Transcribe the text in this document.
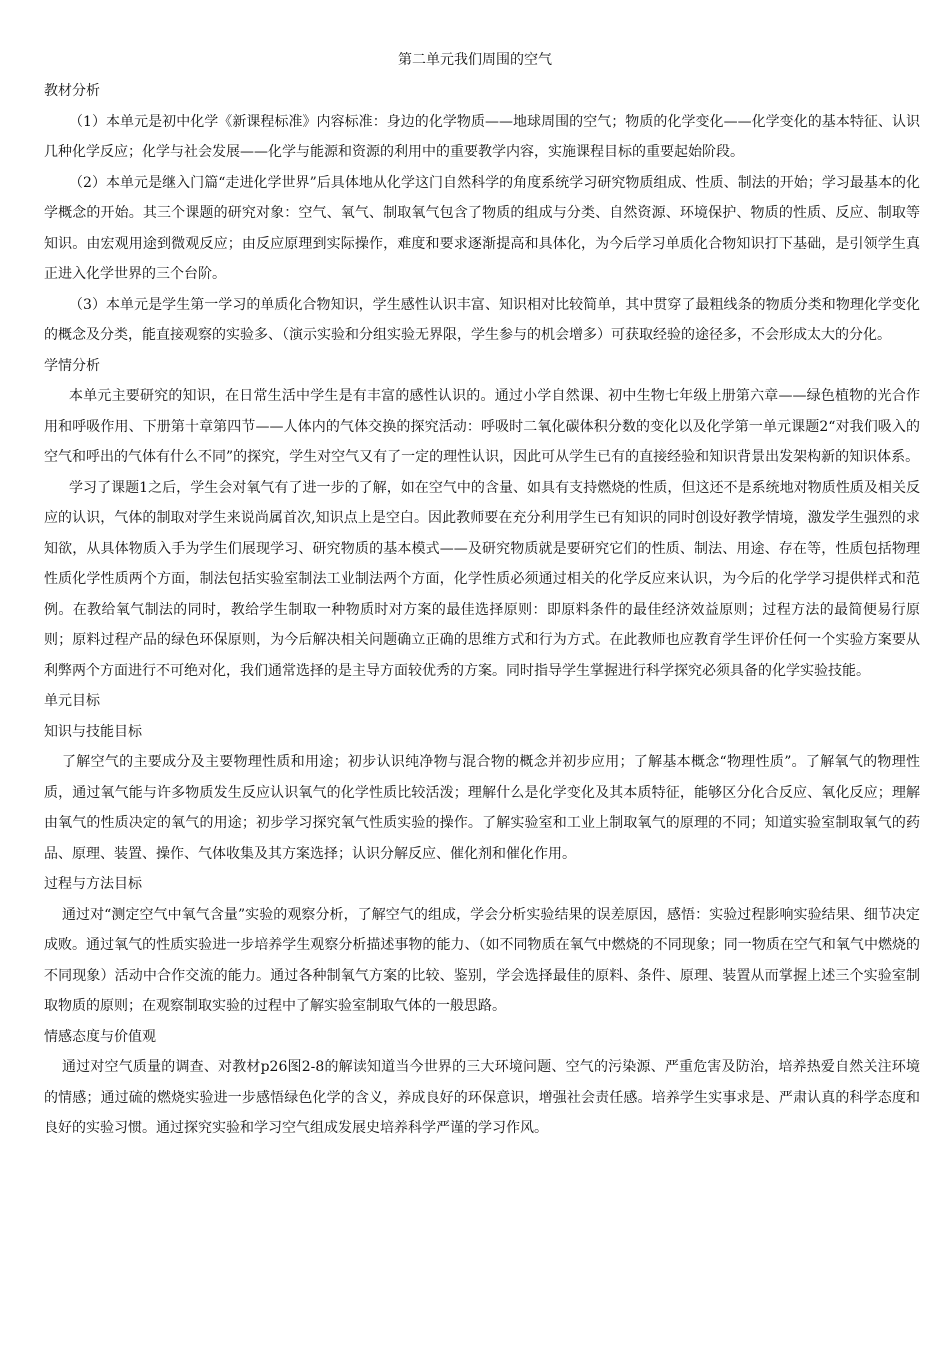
第二单元我们周围的空气

教材分析

（1）本单元是初中化学《新课程标准》内容标准：身边的化学物质——地球周围的空气；物质的化学变化——化学变化的基本特征、认识几种化学反应；化学与社会发展——化学与能源和资源的利用中的重要教学内容，实施课程目标的重要起始阶段。

（2）本单元是继入门篇“走进化学世界”后具体地从化学这门自然科学的角度系统学习研究物质组成、性质、制法的开始；学习最基本的化学概念的开始。其三个课题的研究对象：空气、氧气、制取氧气包含了物质的组成与分类、自然资源、环境保护、物质的性质、反应、制取等知识。由宏观用途到微观反应；由反应原理到实际操作，难度和要求逐渐提高和具体化，为今后学习单质化合物知识打下基础，是引领学生真正进入化学世界的三个台阶。

（3）本单元是学生第一学习的单质化合物知识，学生感性认识丰富、知识相对比较简单，其中贯穿了最粗线条的物质分类和物理化学变化的概念及分类，能直接观察的实验多、（演示实验和分组实验无界限，学生参与的机会增多）可获取经验的途径多，不会形成太大的分化。

学情分析

本单元主要研究的知识，在日常生活中学生是有丰富的感性认识的。通过小学自然课、初中生物七年级上册第六章——绿色植物的光合作用和呼吸作用、下册第十章第四节——人体内的气体交换的探究活动：呼吸时二氧化碳体积分数的变化以及化学第一单元课题2“对我们吸入的空气和呼出的气体有什么不同”的探究，学生对空气又有了一定的理性认识，因此可从学生已有的直接经验和知识背景出发架构新的知识体系。

学习了课题1之后，学生会对氧气有了进一步的了解，如在空气中的含量、如具有支持燃烧的性质，但这还不是系统地对物质性质及相关反应的认识，气体的制取对学生来说尚属首次,知识点上是空白。因此教师要在充分利用学生已有知识的同时创设好教学情境，激发学生强烈的求知欲，从具体物质入手为学生们展现学习、研究物质的基本模式——及研究物质就是要研究它们的性质、制法、用途、存在等，性质包括物理性质化学性质两个方面，制法包括实验室制法工业制法两个方面，化学性质必须通过相关的化学反应来认识，为今后的化学学习提供样式和范例。在教给氧气制法的同时，教给学生制取一种物质时对方案的最佳选择原则：即原料条件的最佳经济效益原则；过程方法的最简便易行原则；原料过程产品的绿色环保原则，为今后解决相关问题确立正确的思维方式和行为方式。在此教师也应教育学生评价任何一个实验方案要从利弊两个方面进行不可绝对化，我们通常选择的是主导方面较优秀的方案。同时指导学生掌握进行科学探究必须具备的化学实验技能。

单元目标

知识与技能目标

了解空气的主要成分及主要物理性质和用途；初步认识纯净物与混合物的概念并初步应用；了解基本概念“物理性质”。了解氧气的物理性质，通过氧气能与许多物质发生反应认识氧气的化学性质比较活泼；理解什么是化学变化及其本质特征，能够区分化合反应、氧化反应；理解由氧气的性质决定的氧气的用途；初步学习探究氧气性质实验的操作。了解实验室和工业上制取氧气的原理的不同；知道实验室制取氧气的药品、原理、装置、操作、气体收集及其方案选择；认识分解反应、催化剂和催化作用。

过程与方法目标

通过对“测定空气中氧气含量”实验的观察分析，了解空气的组成，学会分析实验结果的误差原因，感悟：实验过程影响实验结果、细节决定成败。通过氧气的性质实验进一步培养学生观察分析描述事物的能力、（如不同物质在氧气中燃烧的不同现象；同一物质在空气和氧气中燃烧的不同现象）活动中合作交流的能力。通过各种制氧气方案的比较、鉴别，学会选择最佳的原料、条件、原理、装置从而掌握上述三个实验室制取物质的原则；在观察制取实验的过程中了解实验室制取气体的一般思路。

情感态度与价值观

通过对空气质量的调查、对教材p26图2-8的解读知道当今世界的三大环境问题、空气的污染源、严重危害及防治，培养热爱自然关注环境的情感；通过硫的燃烧实验进一步感悟绿色化学的含义，养成良好的环保意识，增强社会责任感。培养学生实事求是、严肃认真的科学态度和良好的实验习惯。通过探究实验和学习空气组成发展史培养科学严谨的学习作风。
